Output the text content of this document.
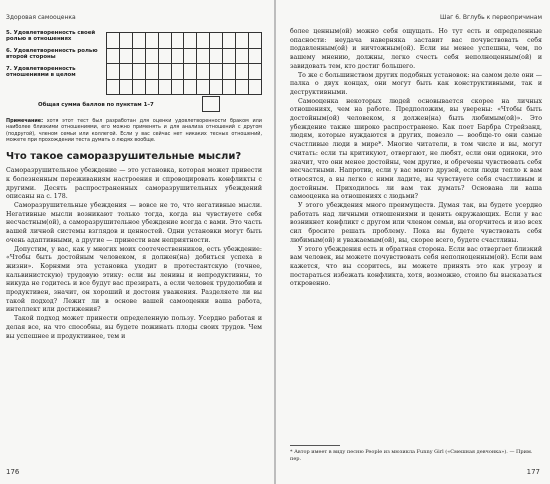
Здоровая самооценка
5. Удовлетворенность своей ролью в отношениях
6. Удовлетворенность ролью второй стороны
7. Удовлетворенность отношениями в целом

Общая сумма баллов по пунктам 1–7
Примечание: хотя этот тест был разработан для оценки удовлетворенности браком или наиболее близкими отношениями, его можно применять и для анализа отношений с другом (подругой), членом семьи или коллегой. Если у вас сейчас нет никаких тесных отношений, можете при прохождении теста думать о людях вообще.
Что такое саморазрушительные мысли?

Саморазрушительное убеждение — это установка, которая может привести к болезненным переживаниям настроения и спровоцировать конфликты с другими. Десять распространенных саморазрушительных убеждений описаны на с. 178.

Саморазрушительные убеждения — вовсе не то, что негативные мысли. Негативные мысли возникают только тогда, когда вы чувствуете себя несчастным(ой), а саморазрушительное убеждение всегда с вами. Это часть вашей личной системы взглядов и ценностей. Одни установки могут быть очень адаптивными, а другие — принести вам неприятности.

Допустим, у вас, как у многих моих соотечественников, есть убеждение: «Чтобы быть достойным человеком, я должен(на) добиться успеха в жизни». Корнями эта установка уходит в протестантскую (точнее, кальвинистскую) трудовую этику: если вы ленивы и непродуктивны, то никуда не годитесь и все будут вас презирать, а если человек трудолюбив и продуктивен, значит, он хороший и достоин уважения. Разделяете ли вы такой подход? Лежит ли в основе вашей самооценки ваша работа, интеллект или достижения?

Такой подход может принести определенную пользу. Усердно работая и делая все, на что способны, вы будете пожинать плоды своих трудов. Чем вы успешнее и продуктивнее, тем и

176
Шаг 6. Вглубь к первопричинам

более ценным(ой) можно себя ощущать. Но тут есть и определенные опасности: неудача наверняка заставит вас почувствовать себя подавленным(ой) и ничтожным(ой). Если вы менее успешны, чем, по вашему мнению, должны, легко счесть себя неполноценным(ой) и завидовать тем, кто достиг большего.

То же с большинством других подобных установок: на самом деле они — палка о двух концах, они могут быть как конструктивными, так и деструктивными.

Самооценка некоторых людей основывается скорее на личных отношениях, чем на работе. Предположим, вы уверены: «Чтобы быть достойным(ой) человеком, я должен(на) быть любимым(ой)». Это убеждение также широко распространено. Как поет Барбра Стрейзанд, людям, которые нуждаются в других, повезло — вообще-то они самые счастливые люди в мире*. Многие читатели, в том числе и вы, могут считать: если ты критикуют, отвергают, не любят, если они одиноки, это значит, что они менее достойны, чем другие, и обречены чувствовать себя несчастными. Напротив, если у вас много друзей, если люди тепло к вам относятся, а вы легко с ними ладите, вы чувствуете себя счастливым и достойным. Приходилось ли вам так думать? Основана ли ваша самооценка на отношениях с людьми?

У этого убеждения много преимуществ. Думая так, вы будете усердно работать над личными отношениями и ценить окружающих. Если у вас возникнет конфликт с другом или членом семьи, вы огорчитесь и изо всех сил бросите решать проблему. Пока вы будете чувствовать себя любимым(ой) и уважаемым(ой), вы, скорее всего, будете счастливы.

У этого убеждения есть и обратная сторона. Если вас отвергает близкий вам человек, вы можете почувствовать себя неполноценным(ой). Если вам кажется, что вы ссоритесь, вы можете принять это как угрозу и постараться избежать конфликта, хотя, возможно, стоило бы высказаться откровенно.

* Автор имеет в виду песню People из мюзикла Funny Girl («Смешная девчонка»). — Прим. пер.
177
